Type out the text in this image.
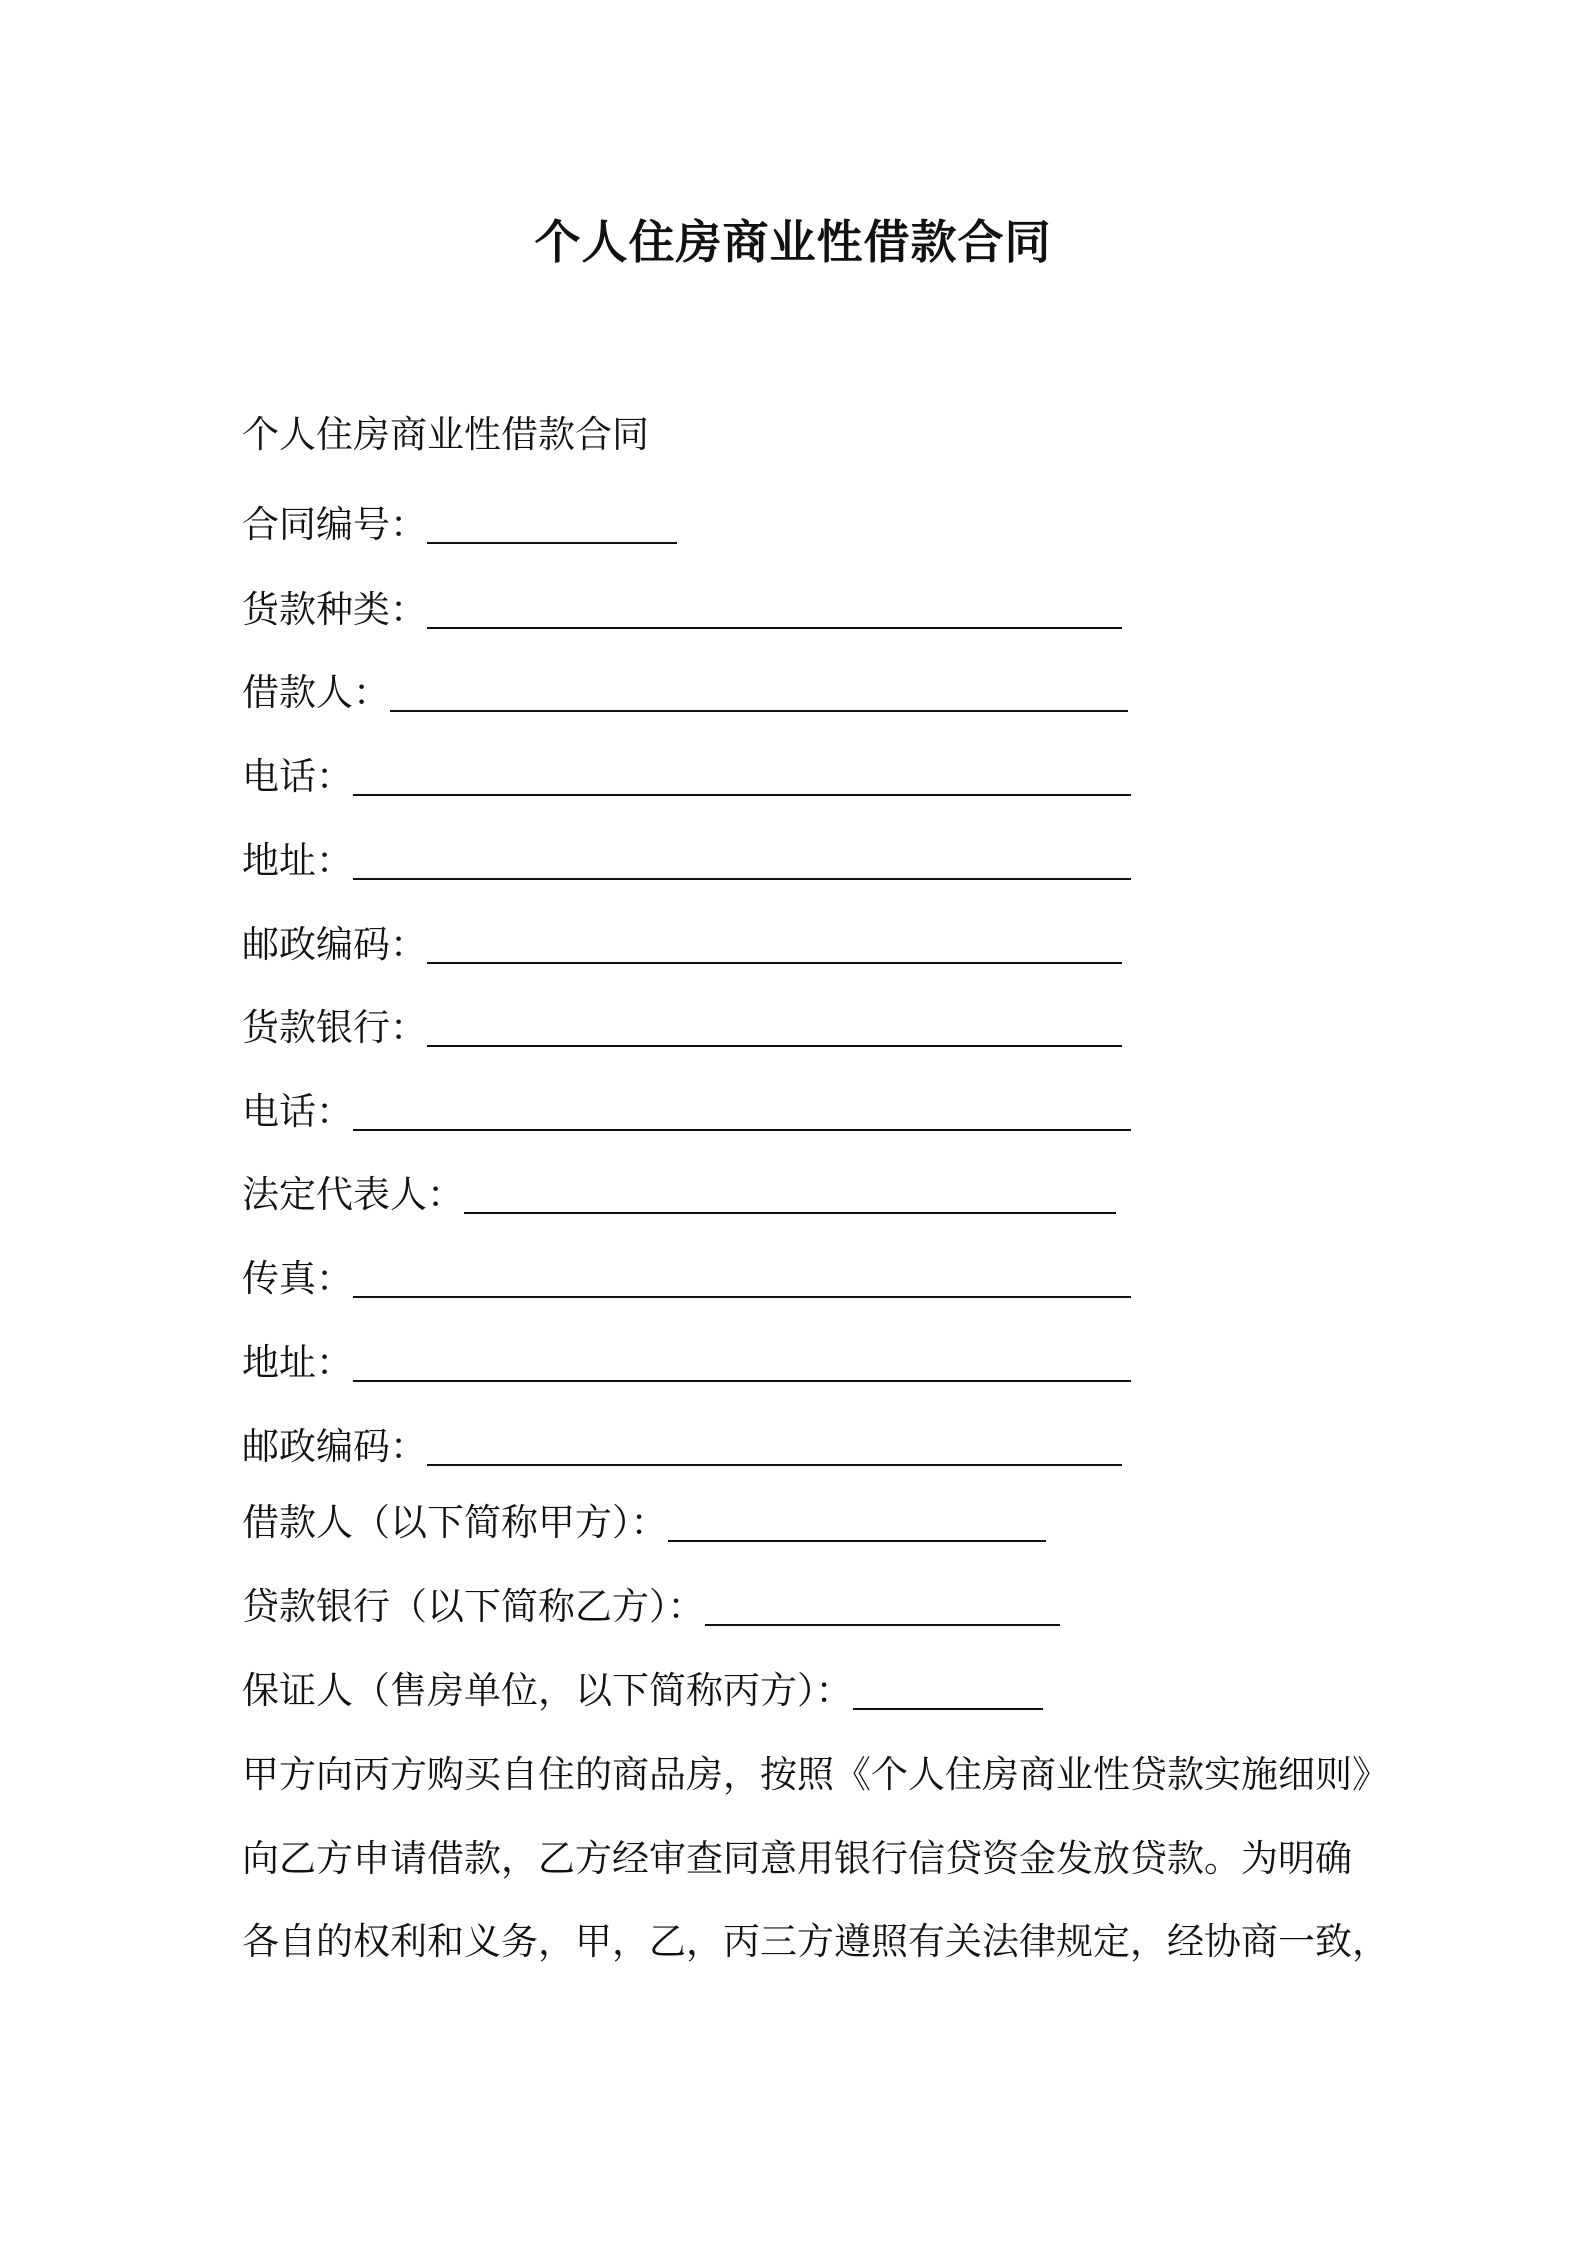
个人住房商业性借款合同

个人住房商业性借款合同

合同编号：
货款种类：
借款人：
电话：
地址：
邮政编码：
货款银行：
电话：
法定代表人：
传真：
地址：
邮政编码：
借款人（以下简称甲方）：
贷款银行（以下简称乙方）：
保证人（售房单位，以下简称丙方）：

甲方向丙方购买自住的商品房，按照《个人住房商业性贷款实施细则》

向乙方申请借款，乙方经审查同意用银行信贷资金发放贷款。为明确

各自的权利和义务，甲，乙，丙三方遵照有关法律规定，经协商一致，
